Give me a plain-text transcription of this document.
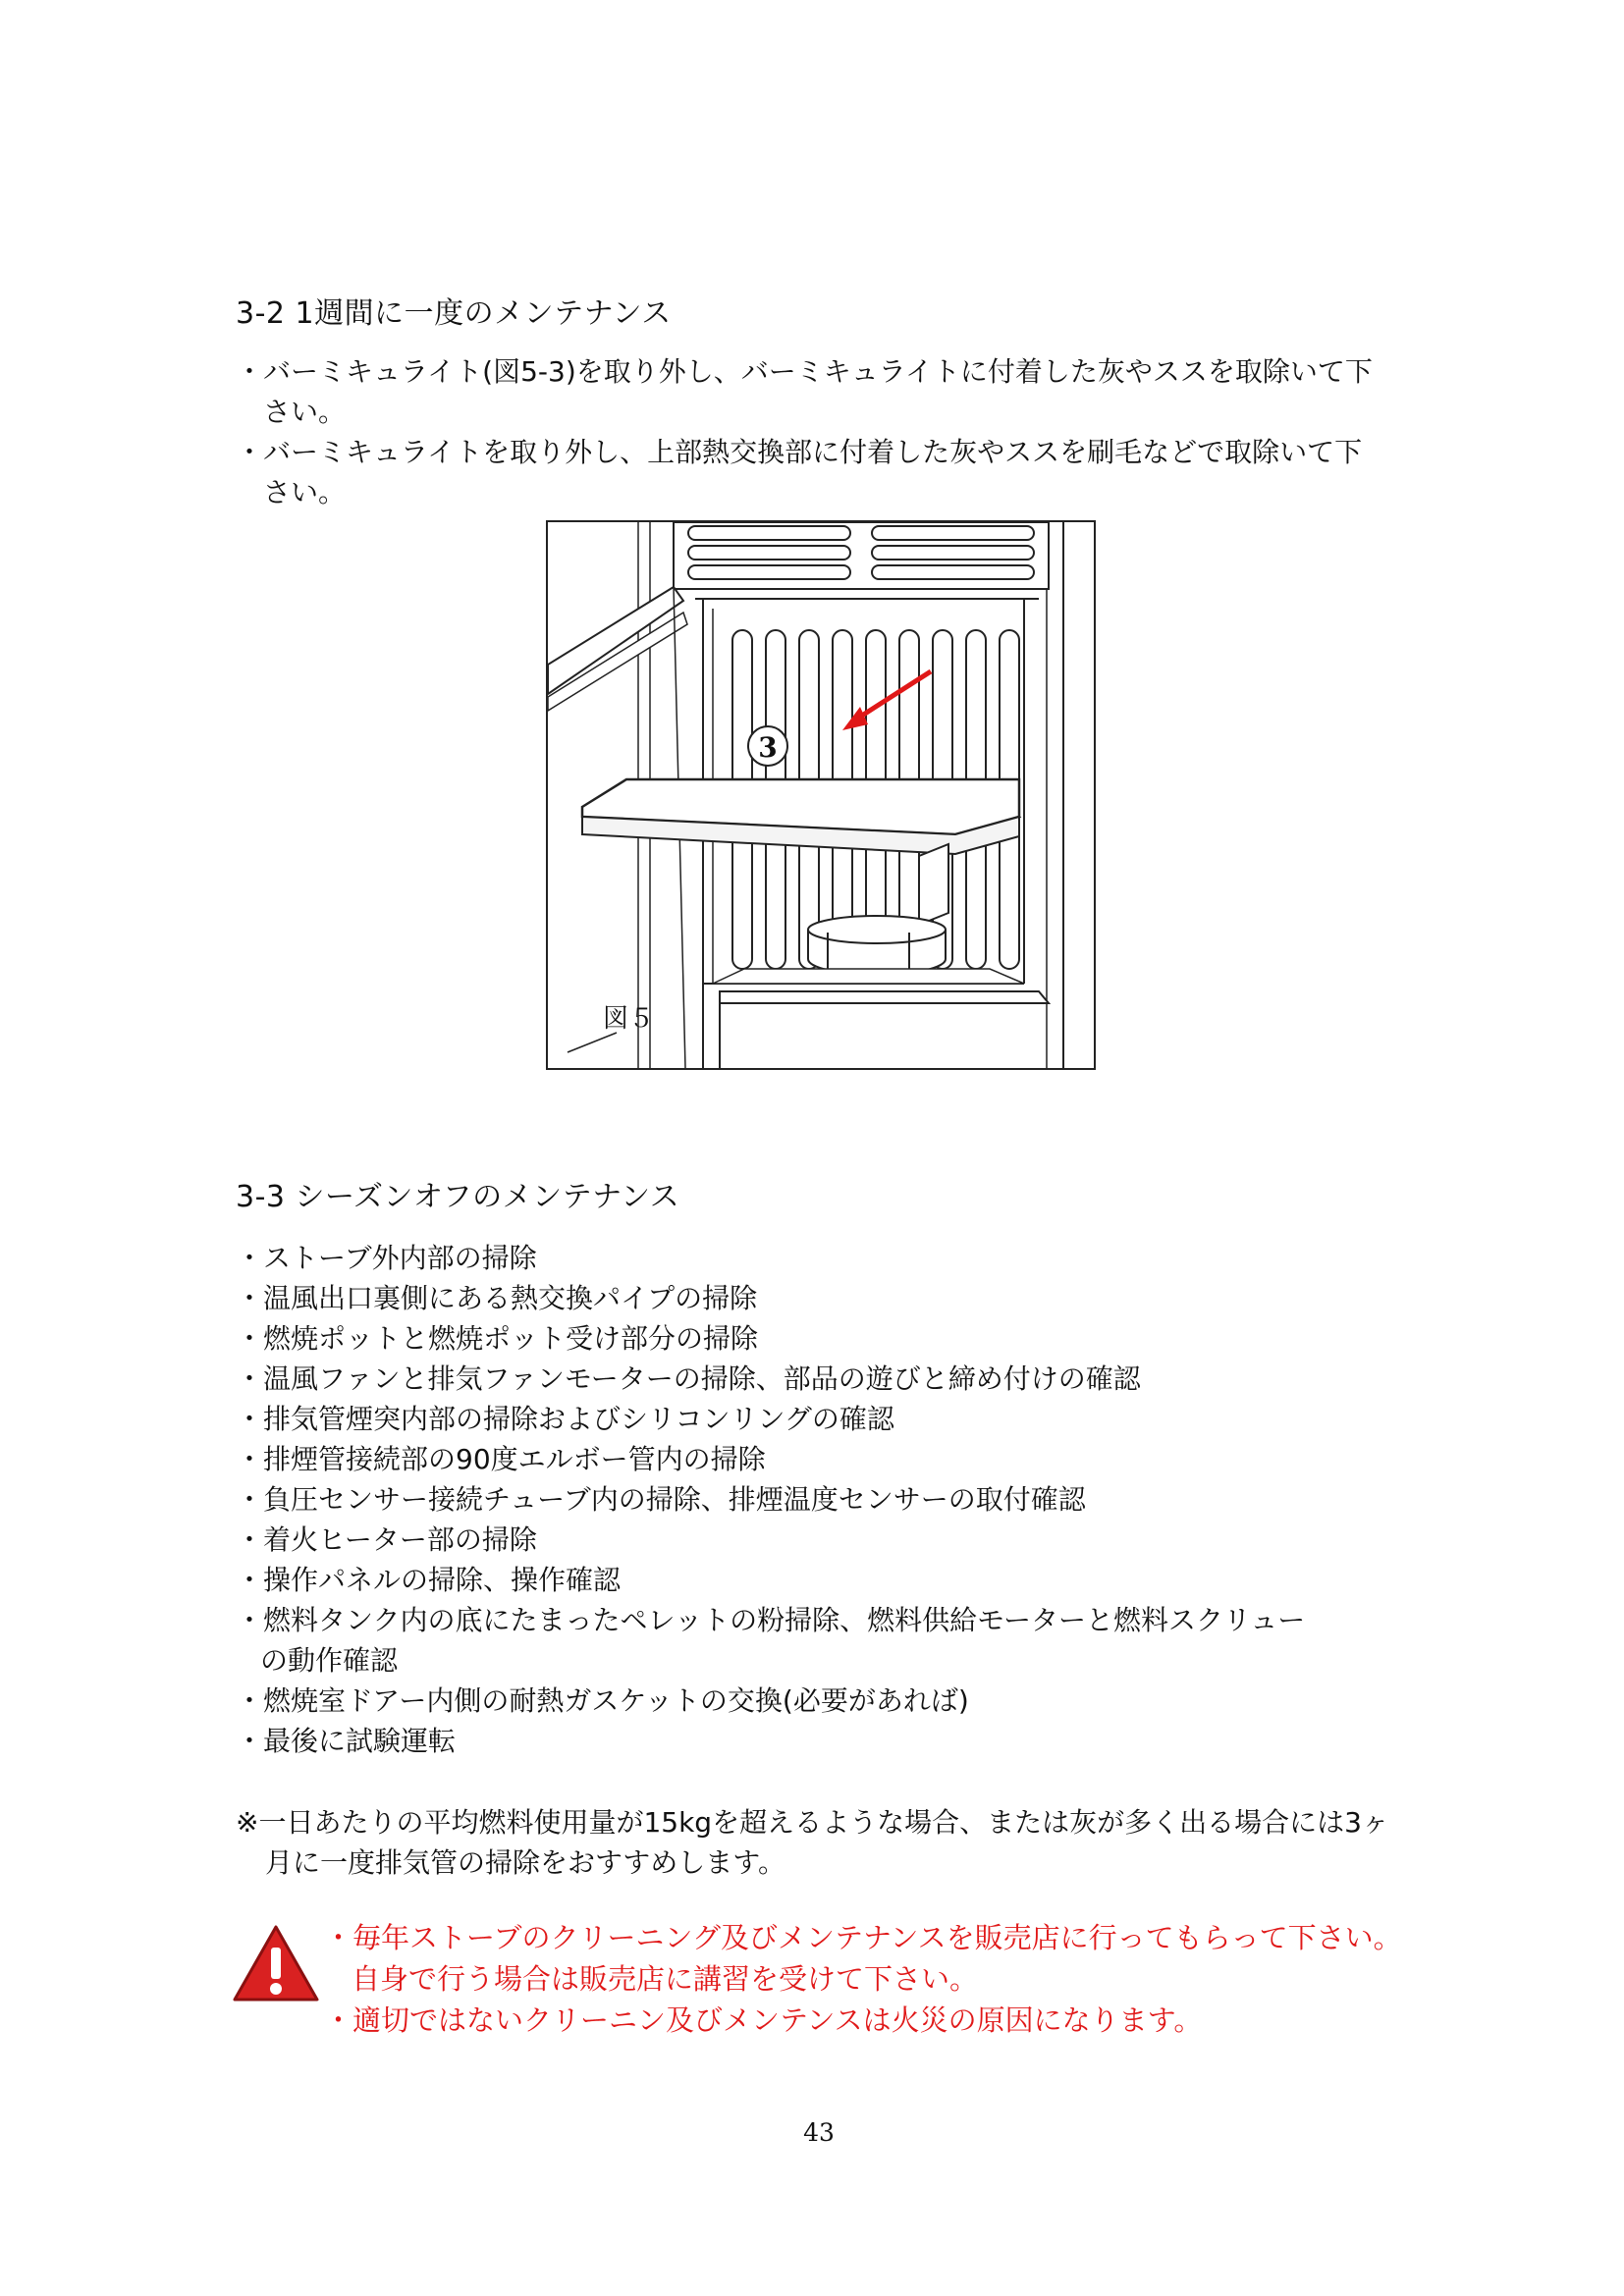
3-2 1週間に一度のメンテナンス
・バーミキュライト(図5-3)を取り外し、バーミキュライトに付着した灰やススを取除いて下
さい。
・バーミキュライトを取り外し、上部熱交換部に付着した灰やススを刷毛などで取除いて下
さい。
3
図５
3-3 シーズンオフのメンテナンス
・ストーブ外内部の掃除
・温風出口裏側にある熱交換パイプの掃除
・燃焼ポットと燃焼ポット受け部分の掃除
・温風ファンと排気ファンモーターの掃除、部品の遊びと締め付けの確認
・排気管煙突内部の掃除およびシリコンリングの確認
・排煙管接続部の90度エルボー管内の掃除
・負圧センサー接続チューブ内の掃除、排煙温度センサーの取付確認
・着火ヒーター部の掃除
・操作パネルの掃除、操作確認
・燃料タンク内の底にたまったペレットの粉掃除、燃料供給モーターと燃料スクリュー
の動作確認
・燃焼室ドアー内側の耐熱ガスケットの交換(必要があれば)
・最後に試験運転
※一日あたりの平均燃料使用量が15kgを超えるような場合、または灰が多く出る場合には3ヶ
月に一度排気管の掃除をおすすめします。
・毎年ストーブのクリーニング及びメンテナンスを販売店に行ってもらって下さい。
自身で行う場合は販売店に講習を受けて下さい。
・適切ではないクリーニン及びメンテンスは火災の原因になります。
43
